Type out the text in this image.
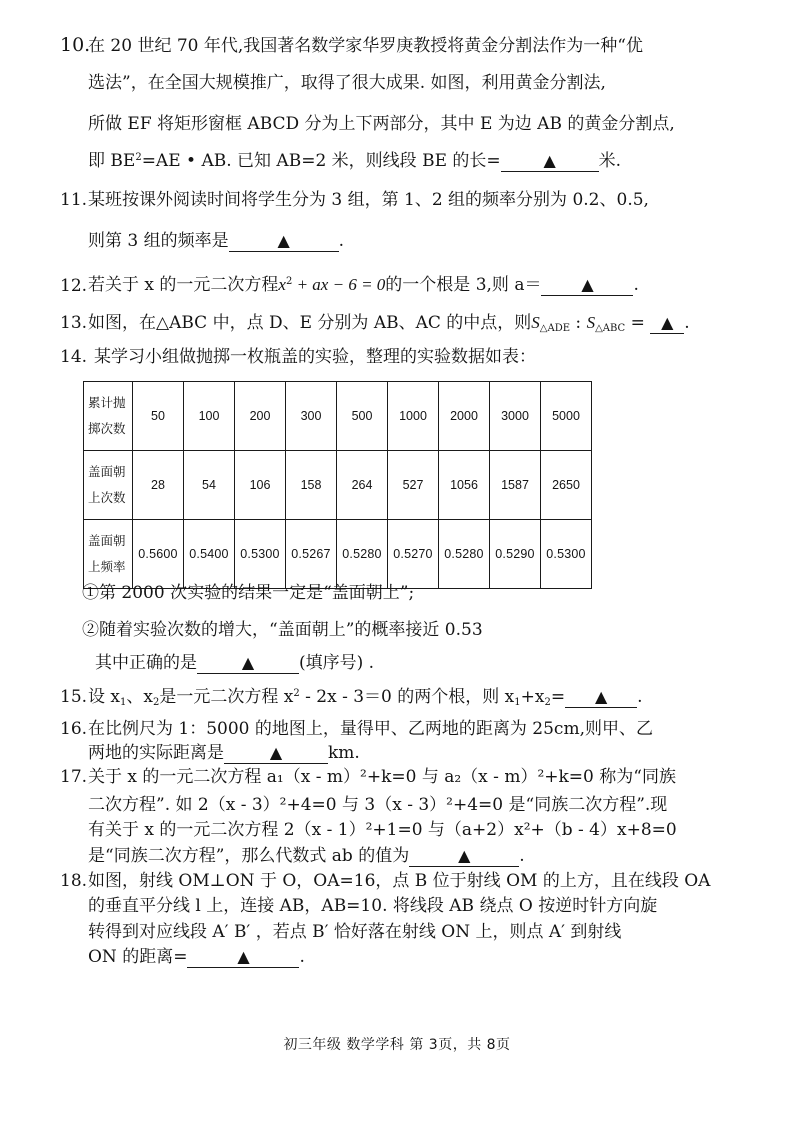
10.
在 20 世纪 70 年代,我国著名数学家华罗庚教授将黄金分割法作为一种“优
选法”，在全国大规模推广，取得了很大成果. 如图，利用黄金分割法,
所做 EF 将矩形窗框 ABCD 分为上下两部分，其中 E 为边 AB 的黄金分割点,
即 $BE^2=AE$ • AB. 已知 AB=2 米，则线段 BE 的长=	▲	米.
11. 某班按课外阅读时间将学生分为 3 组，第 1、2 组的频率分别为 0.2、0.5,
则第 3 组的频率是	▲	.
12. 若关于 x 的一元二次方程$x^2$ + ax − 6 = 0的一个根是 3,则 a＝ ▲ .
13. 如图，在△ABC 中，点 D、E 分别为 AB、AC 的中点，则$S_{\triangle ADE}$ : $S_{\triangle ABC}$ = ▲ .
14. 某学习小组做抛掷一枚瓶盖的实验，整理的实验数据如表：
累计抛掷次数	50	100	200	300	500	1000	2000	3000	5000
盖面朝上次数	28	54	106	158	264	527	1056	1587	2650
盖面朝上频率	0.5600	0.5400	0.5300	0.5267	0.5280	0.5270	0.5280	0.5290	0.5300
①第 2000 次实验的结果一定是“盖面朝上”;
②随着实验次数的增大，“盖面朝上”的概率接近 0.53
其中正确的是	▲	(填序号) .
15. 设 $x_1$、$x_2$是一元二次方程 $x^2 - 2x - 3=0$ 的两个根，则 $x_1+x_2=$ ▲ .
16. 在比例尺为 1：5000 的地图上，量得甲、乙两地的距离为 25cm,则甲、乙
两地的实际距离是	▲	km.
17. 关于 x 的一元二次方程 a₁（x - m）²+k=0 与 a₂（x - m）²+k=0 称为“同族
二次方程”. 如 2（x - 3）²+4=0 与 3（x - 3）²+4=0 是“同族二次方程”.现
有关于 x 的一元二次方程 2（x - 1）²+1=0 与（a+2）x²+（b - 4）x+8=0
是“同族二次方程”，那么代数式 ab 的值为	▲	.
18. 如图，射线 OM⊥ON 于 O，OA=16，点 B 位于射线 OM 的上方，且在线段 OA
的垂直平分线 l 上，连接 AB，AB=10. 将线段 AB 绕点 O 按逆时针方向旋
转得到对应线段 A′ B′ ，若点 B′ 恰好落在射线 ON 上，则点 A′ 到射线
ON 的距离=	▲	.
初三年级 数学学科 第 3页，共 8页
